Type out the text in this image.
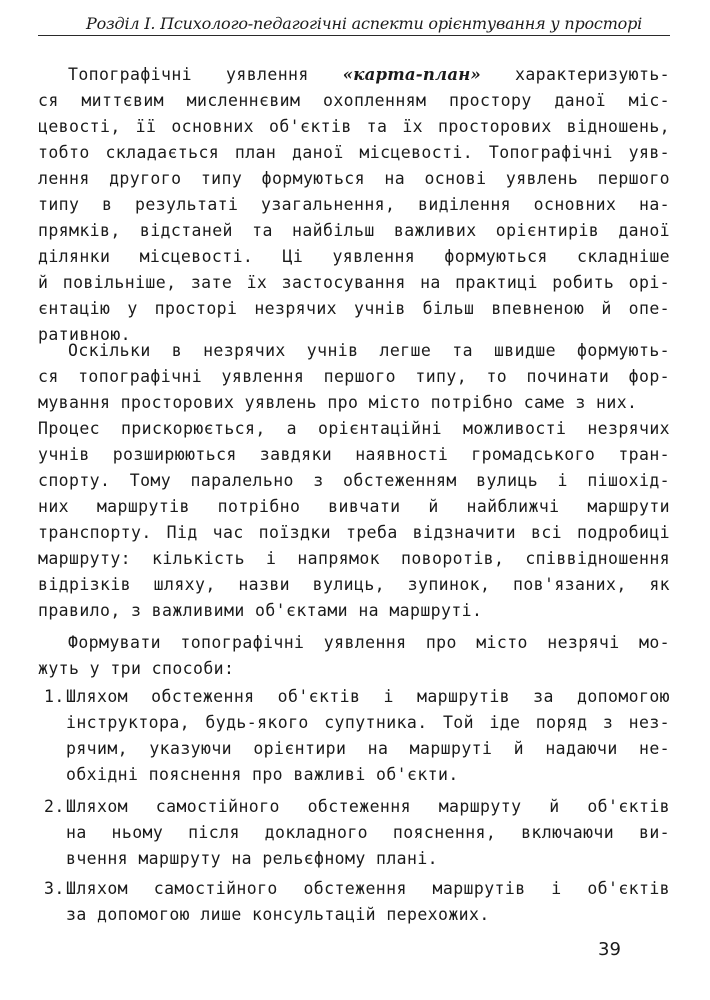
Розділ І. Психолого-педагогічні аспекти орієнтування у просторі
Топографічні уявлення «карта-план» характеризують-
ся миттєвим мисленнєвим охопленням простору даної міс-
цевості, її основних об'єктів та їх просторових відношень,
тобто складається план даної місцевості. Топографічні уяв-
лення другого типу формуються на основі уявлень першого
типу в результаті узагальнення, виділення основних на-
прямків, відстаней та найбільш важливих орієнтирів даної
ділянки місцевості. Ці уявлення формуються складніше
й повільніше, зате їх застосування на практиці робить орі-
єнтацію у просторі незрячих учнів більш впевненою й опе-
ративною.
Оскільки в незрячих учнів легше та швидше формують-
ся топографічні уявлення першого типу, то починати фор-
мування просторових уявлень про місто потрібно саме з них.
Процес прискорюється, а орієнтаційні можливості незрячих
учнів розширюються завдяки наявності громадського тран-
спорту. Тому паралельно з обстеженням вулиць і пішохід-
них маршрутів потрібно вивчати й найближчі маршрути
транспорту. Під час поїздки треба відзначити всі подробиці
маршруту: кількість і напрямок поворотів, співвідношення
відрізків шляху, назви вулиць, зупинок, пов'язаних, як
правило, з важливими об'єктами на маршруті.
Формувати топографічні уявлення про місто незрячі мо-
жуть у три способи:
1. Шляхом обстеження об'єктів і маршрутів за допомогою
інструктора, будь-якого супутника. Той іде поряд з нез-
рячим, указуючи орієнтири на маршруті й надаючи не-
обхідні пояснення про важливі об'єкти.
2. Шляхом самостійного обстеження маршруту й об'єктів
на ньому після докладного пояснення, включаючи ви-
вчення маршруту на рельєфному плані.
3. Шляхом самостійного обстеження маршрутів і об'єктів
за допомогою лише консультацій перехожих.
39
